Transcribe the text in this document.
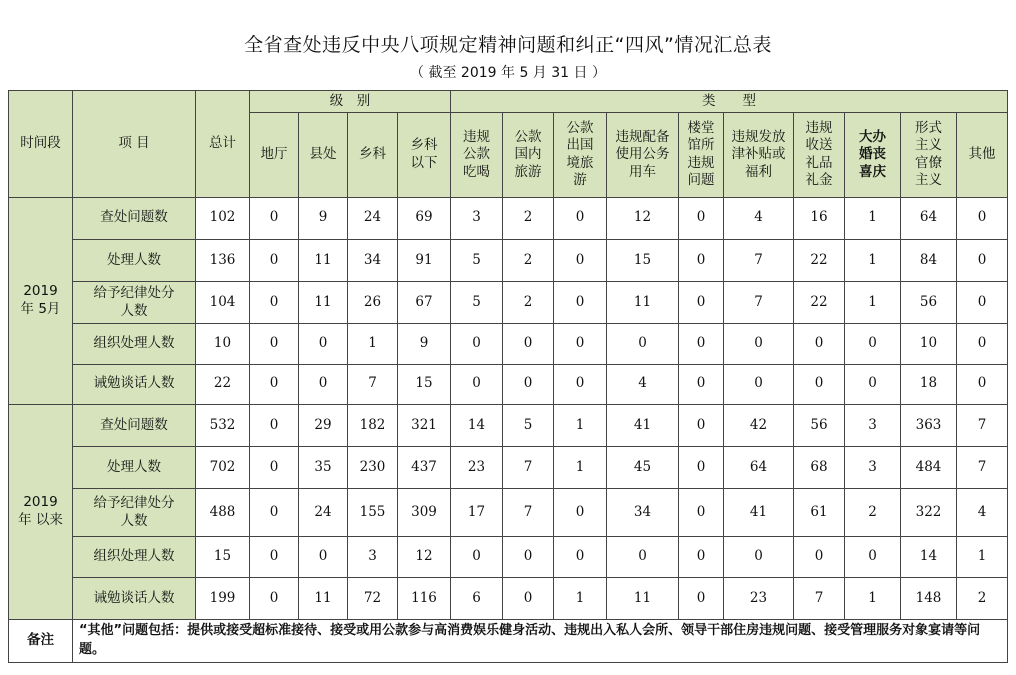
全省查处违反中央八项规定精神问题和纠正“四风”情况汇总表
（ 截至 2019 年 5 月 31 日 ）
时间段	项 目	总计	级　别				类　　型									
			地厅	县处	乡科	乡科以下	违规公款吃喝	公款国内旅游	公款出国境旅游	违规配备使用公务用车	楼堂馆所违规问题	违规发放津补贴或福利	违规收送礼品礼金	大办婚丧喜庆	形式主义官僚主义	其他
2019 年 5月	查处问题数	102	0	9	24	69	3	2	0	12	0	4	16	1	64	0
	处理人数	136	0	11	34	91	5	2	0	15	0	7	22	1	84	0
	给予纪律处分人数	104	0	11	26	67	5	2	0	11	0	7	22	1	56	0
	组织处理人数	10	0	0	1	9	0	0	0	0	0	0	0	0	10	0
	诫勉谈话人数	22	0	0	7	15	0	0	0	4	0	0	0	0	18	0
2019 年 以来	查处问题数	532	0	29	182	321	14	5	1	41	0	42	56	3	363	7
	处理人数	702	0	35	230	437	23	7	1	45	0	64	68	3	484	7
	给予纪律处分人数	488	0	24	155	309	17	7	0	34	0	41	61	2	322	4
	组织处理人数	15	0	0	3	12	0	0	0	0	0	0	0	0	14	1
	诫勉谈话人数	199	0	11	72	116	6	0	1	11	0	23	7	1	148	2
备注	“其他”问题包括：提供或接受超标准接待、接受或用公款参与高消费娱乐健身活动、违规出入私人会所、领导干部住房违规问题、接受管理服务对象宴请等问题。															
